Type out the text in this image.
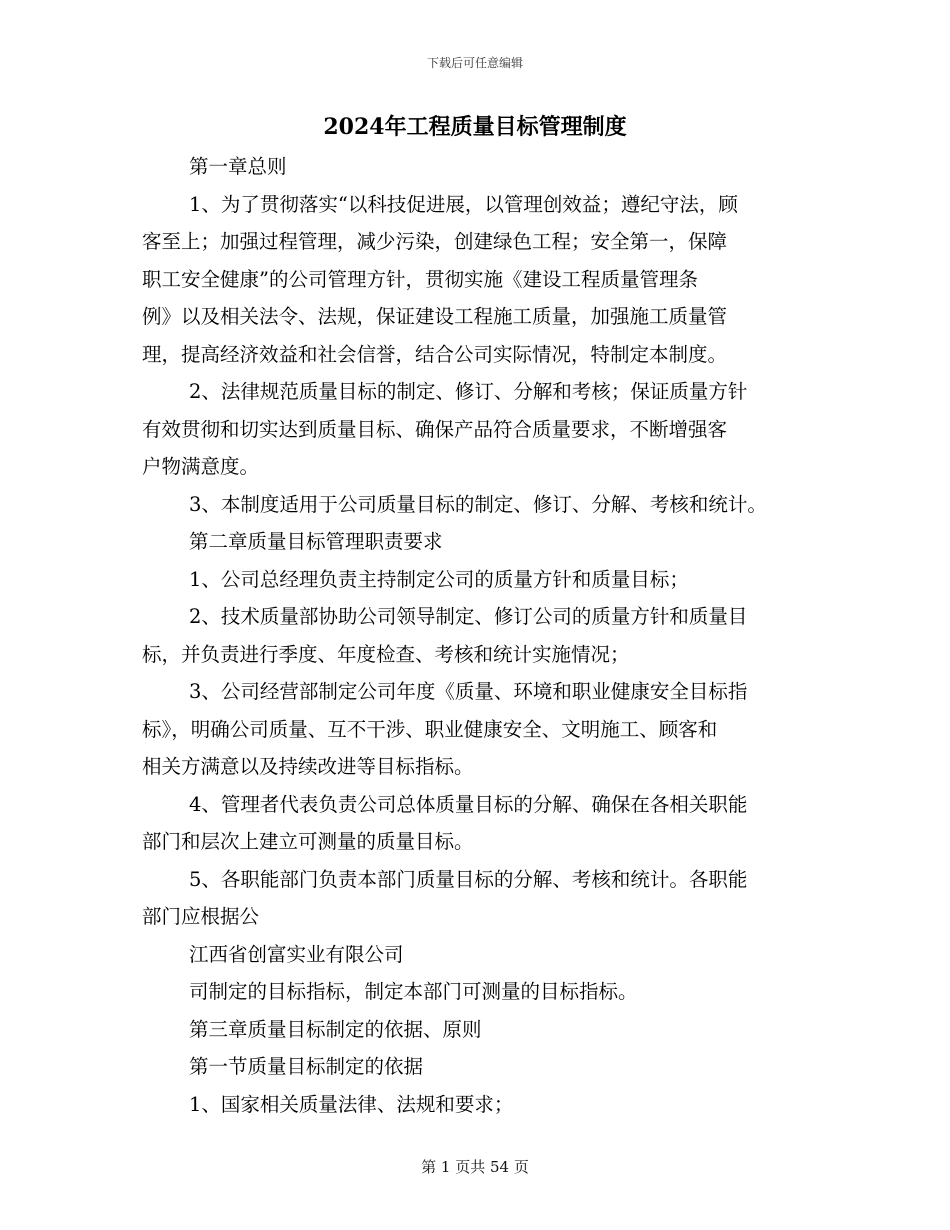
下载后可任意编辑
2024年工程质量目标管理制度
第一章总则
1、为了贯彻落实“以科技促进展，以管理创效益；遵纪守法，顾
客至上；加强过程管理，减少污染，创建绿色工程；安全第一，保障
职工安全健康”的公司管理方针，贯彻实施《建设工程质量管理条
例》以及相关法令、法规，保证建设工程施工质量，加强施工质量管
理，提高经济效益和社会信誉，结合公司实际情况，特制定本制度。
2、法律规范质量目标的制定、修订、分解和考核；保证质量方针
有效贯彻和切实达到质量目标、确保产品符合质量要求，不断增强客
户物满意度。
3、本制度适用于公司质量目标的制定、修订、分解、考核和统计。
第二章质量目标管理职责要求
1、公司总经理负责主持制定公司的质量方针和质量目标；
2、技术质量部协助公司领导制定、修订公司的质量方针和质量目
标，并负责进行季度、年度检查、考核和统计实施情况；
3、公司经营部制定公司年度《质量、环境和职业健康安全目标指
标》，明确公司质量、互不干涉、职业健康安全、文明施工、顾客和
相关方满意以及持续改进等目标指标。
4、管理者代表负责公司总体质量目标的分解、确保在各相关职能
部门和层次上建立可测量的质量目标。
5、各职能部门负责本部门质量目标的分解、考核和统计。各职能
部门应根据公
江西省创富实业有限公司
司制定的目标指标，制定本部门可测量的目标指标。
第三章质量目标制定的依据、原则
第一节质量目标制定的依据
1、国家相关质量法律、法规和要求；
第 1 页共 54 页
